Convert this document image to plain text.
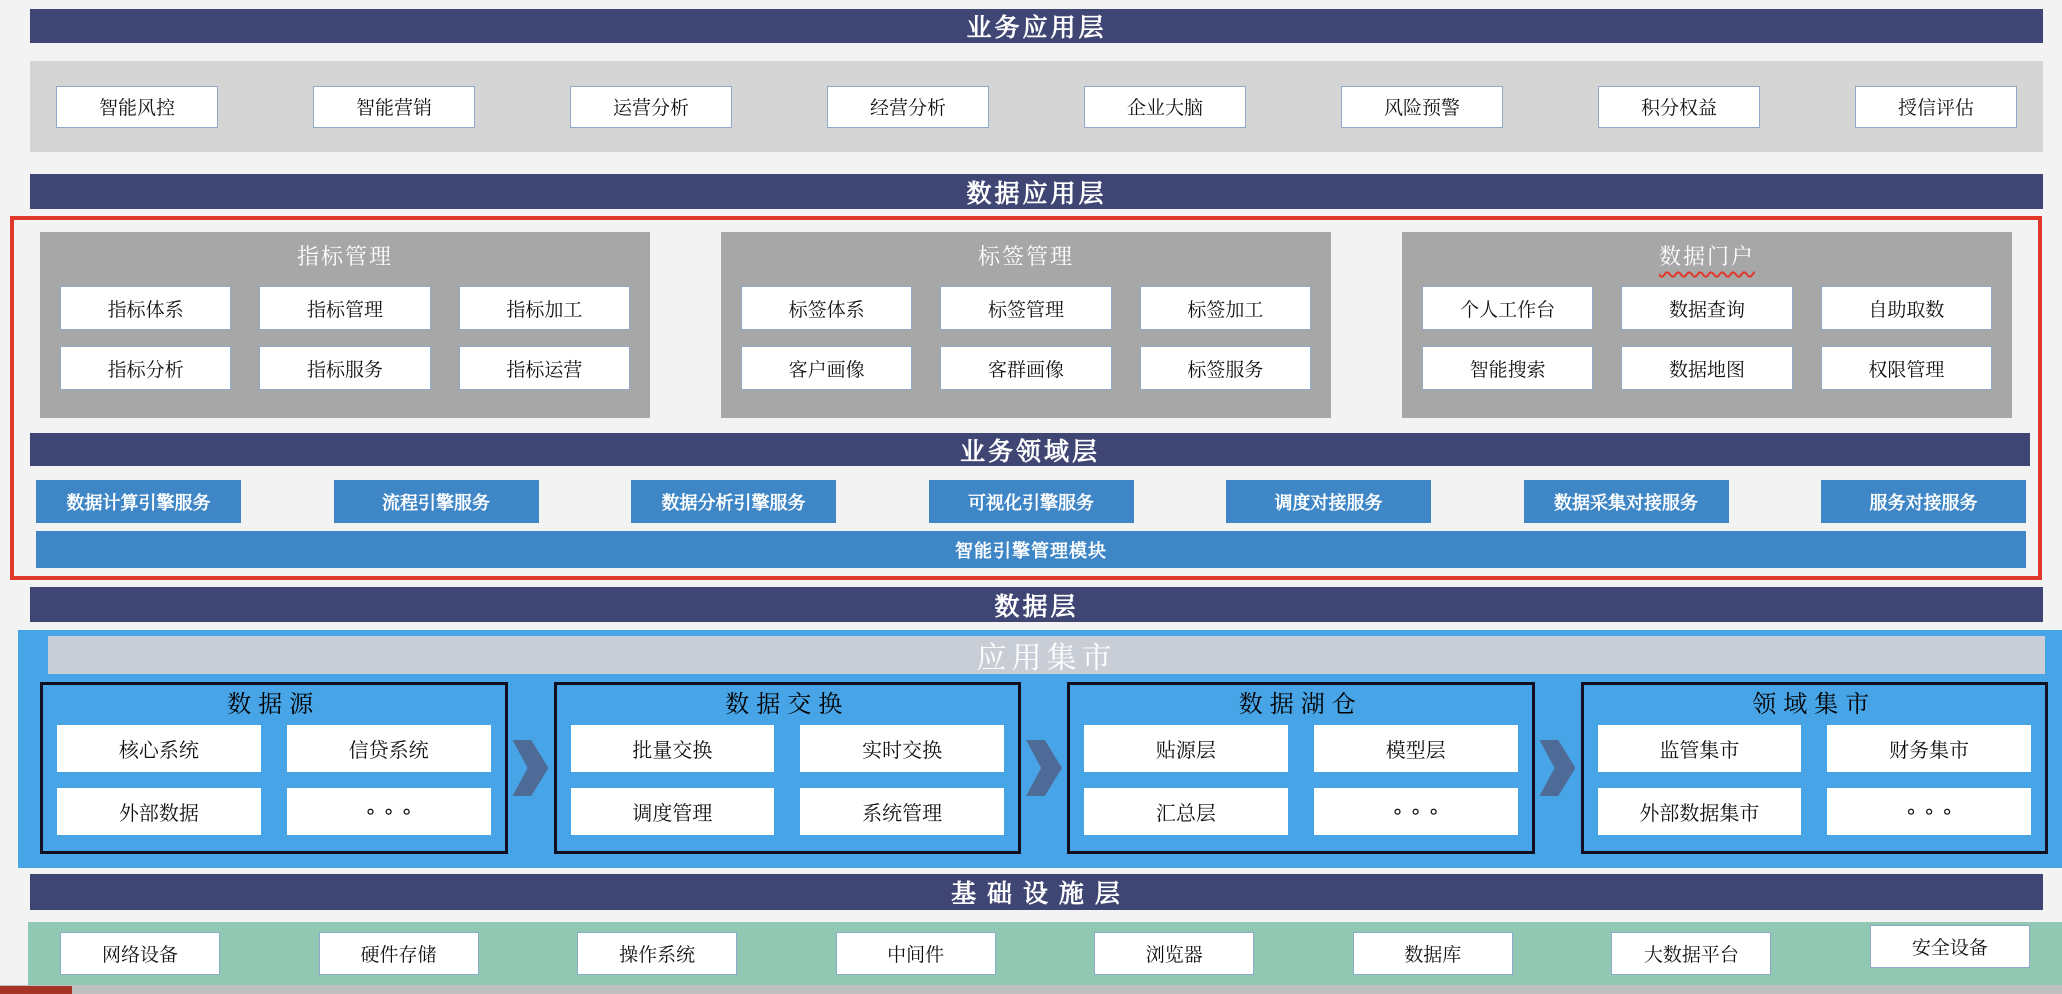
业务应用层
智能风控	智能营销	运营分析	经营分析	企业大脑	风险预警	积分权益	授信评估
数据应用层
指标管理
指标体系	指标管理	指标加工
指标分析	指标服务	指标运营
标签管理
标签体系	标签管理	标签加工
客户画像	客群画像	标签服务
数据门户
个人工作台	数据查询	自助取数
智能搜索	数据地图	权限管理
业务领域层
数据计算引擎服务	流程引擎服务	数据分析引擎服务	可视化引擎服务	调度对接服务	数据采集对接服务	服务对接服务
智能引擎管理模块
数据层
应用集市
数据源
核心系统	信贷系统
外部数据	∘ ∘ ∘
数据交换
批量交换	实时交换
调度管理	系统管理
数据湖仓
贴源层	模型层
汇总层	∘ ∘ ∘
领域集市
监管集市	财务集市
外部数据集市	∘ ∘ ∘
基 础 设 施 层
网络设备	硬件存储	操作系统	中间件	浏览器	数据库	大数据平台	安全设备
